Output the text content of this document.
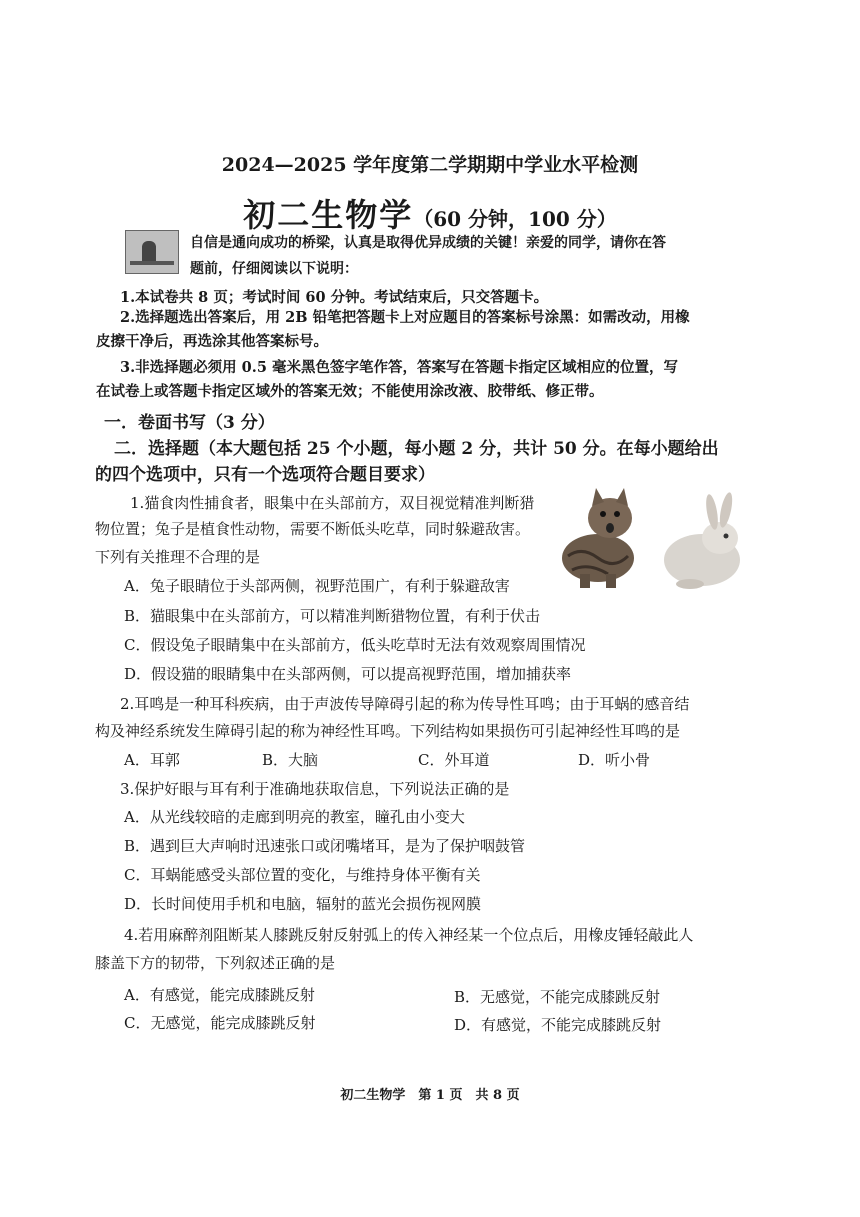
2024—2025 学年度第二学期期中学业水平检测
初二生物学（60 分钟，100 分）
自信是通向成功的桥梁，认真是取得优异成绩的关键！亲爱的同学，请你在答
题前，仔细阅读以下说明：
1.本试卷共 8 页；考试时间 60 分钟。考试结束后，只交答题卡。
2.选择题选出答案后，用 2B 铅笔把答题卡上对应题目的答案标号涂黑：如需改动，用橡
皮擦干净后，再选涂其他答案标号。
3.非选择题必须用 0.5 毫米黑色签字笔作答，答案写在答题卡指定区域相应的位置，写
在试卷上或答题卡指定区域外的答案无效；不能使用涂改液、胶带纸、修正带。
一．卷面书写（3 分）
二．选择题（本大题包括 25 个小题，每小题 2 分，共计 50 分。在每小题给出
的四个选项中，只有一个选项符合题目要求）
1.猫食肉性捕食者，眼集中在头部前方，双目视觉精准判断猎
物位置；兔子是植食性动物，需要不断低头吃草，同时躲避敌害。
下列有关推理不合理的是
A．兔子眼睛位于头部两侧，视野范围广，有利于躲避敌害
B．猫眼集中在头部前方，可以精准判断猎物位置，有利于伏击
C．假设兔子眼睛集中在头部前方，低头吃草时无法有效观察周围情况
D．假设猫的眼睛集中在头部两侧，可以提高视野范围，增加捕获率
2.耳鸣是一种耳科疾病，由于声波传导障碍引起的称为传导性耳鸣；由于耳蜗的感音结
构及神经系统发生障碍引起的称为神经性耳鸣。下列结构如果损伤可引起神经性耳鸣的是
A．耳郭	B．大脑	C．外耳道	D．听小骨
3.保护好眼与耳有利于准确地获取信息，下列说法正确的是
A．从光线较暗的走廊到明亮的教室，瞳孔由小变大
B．遇到巨大声响时迅速张口或闭嘴堵耳，是为了保护咽鼓管
C．耳蜗能感受头部位置的变化，与维持身体平衡有关
D．长时间使用手机和电脑，辐射的蓝光会损伤视网膜
4.若用麻醉剂阻断某人膝跳反射反射弧上的传入神经某一个位点后，用橡皮锤轻敲此人
膝盖下方的韧带，下列叙述正确的是
A．有感觉，能完成膝跳反射	B．无感觉，不能完成膝跳反射
C．无感觉，能完成膝跳反射	D．有感觉，不能完成膝跳反射
初二生物学　第 1 页　共 8 页
